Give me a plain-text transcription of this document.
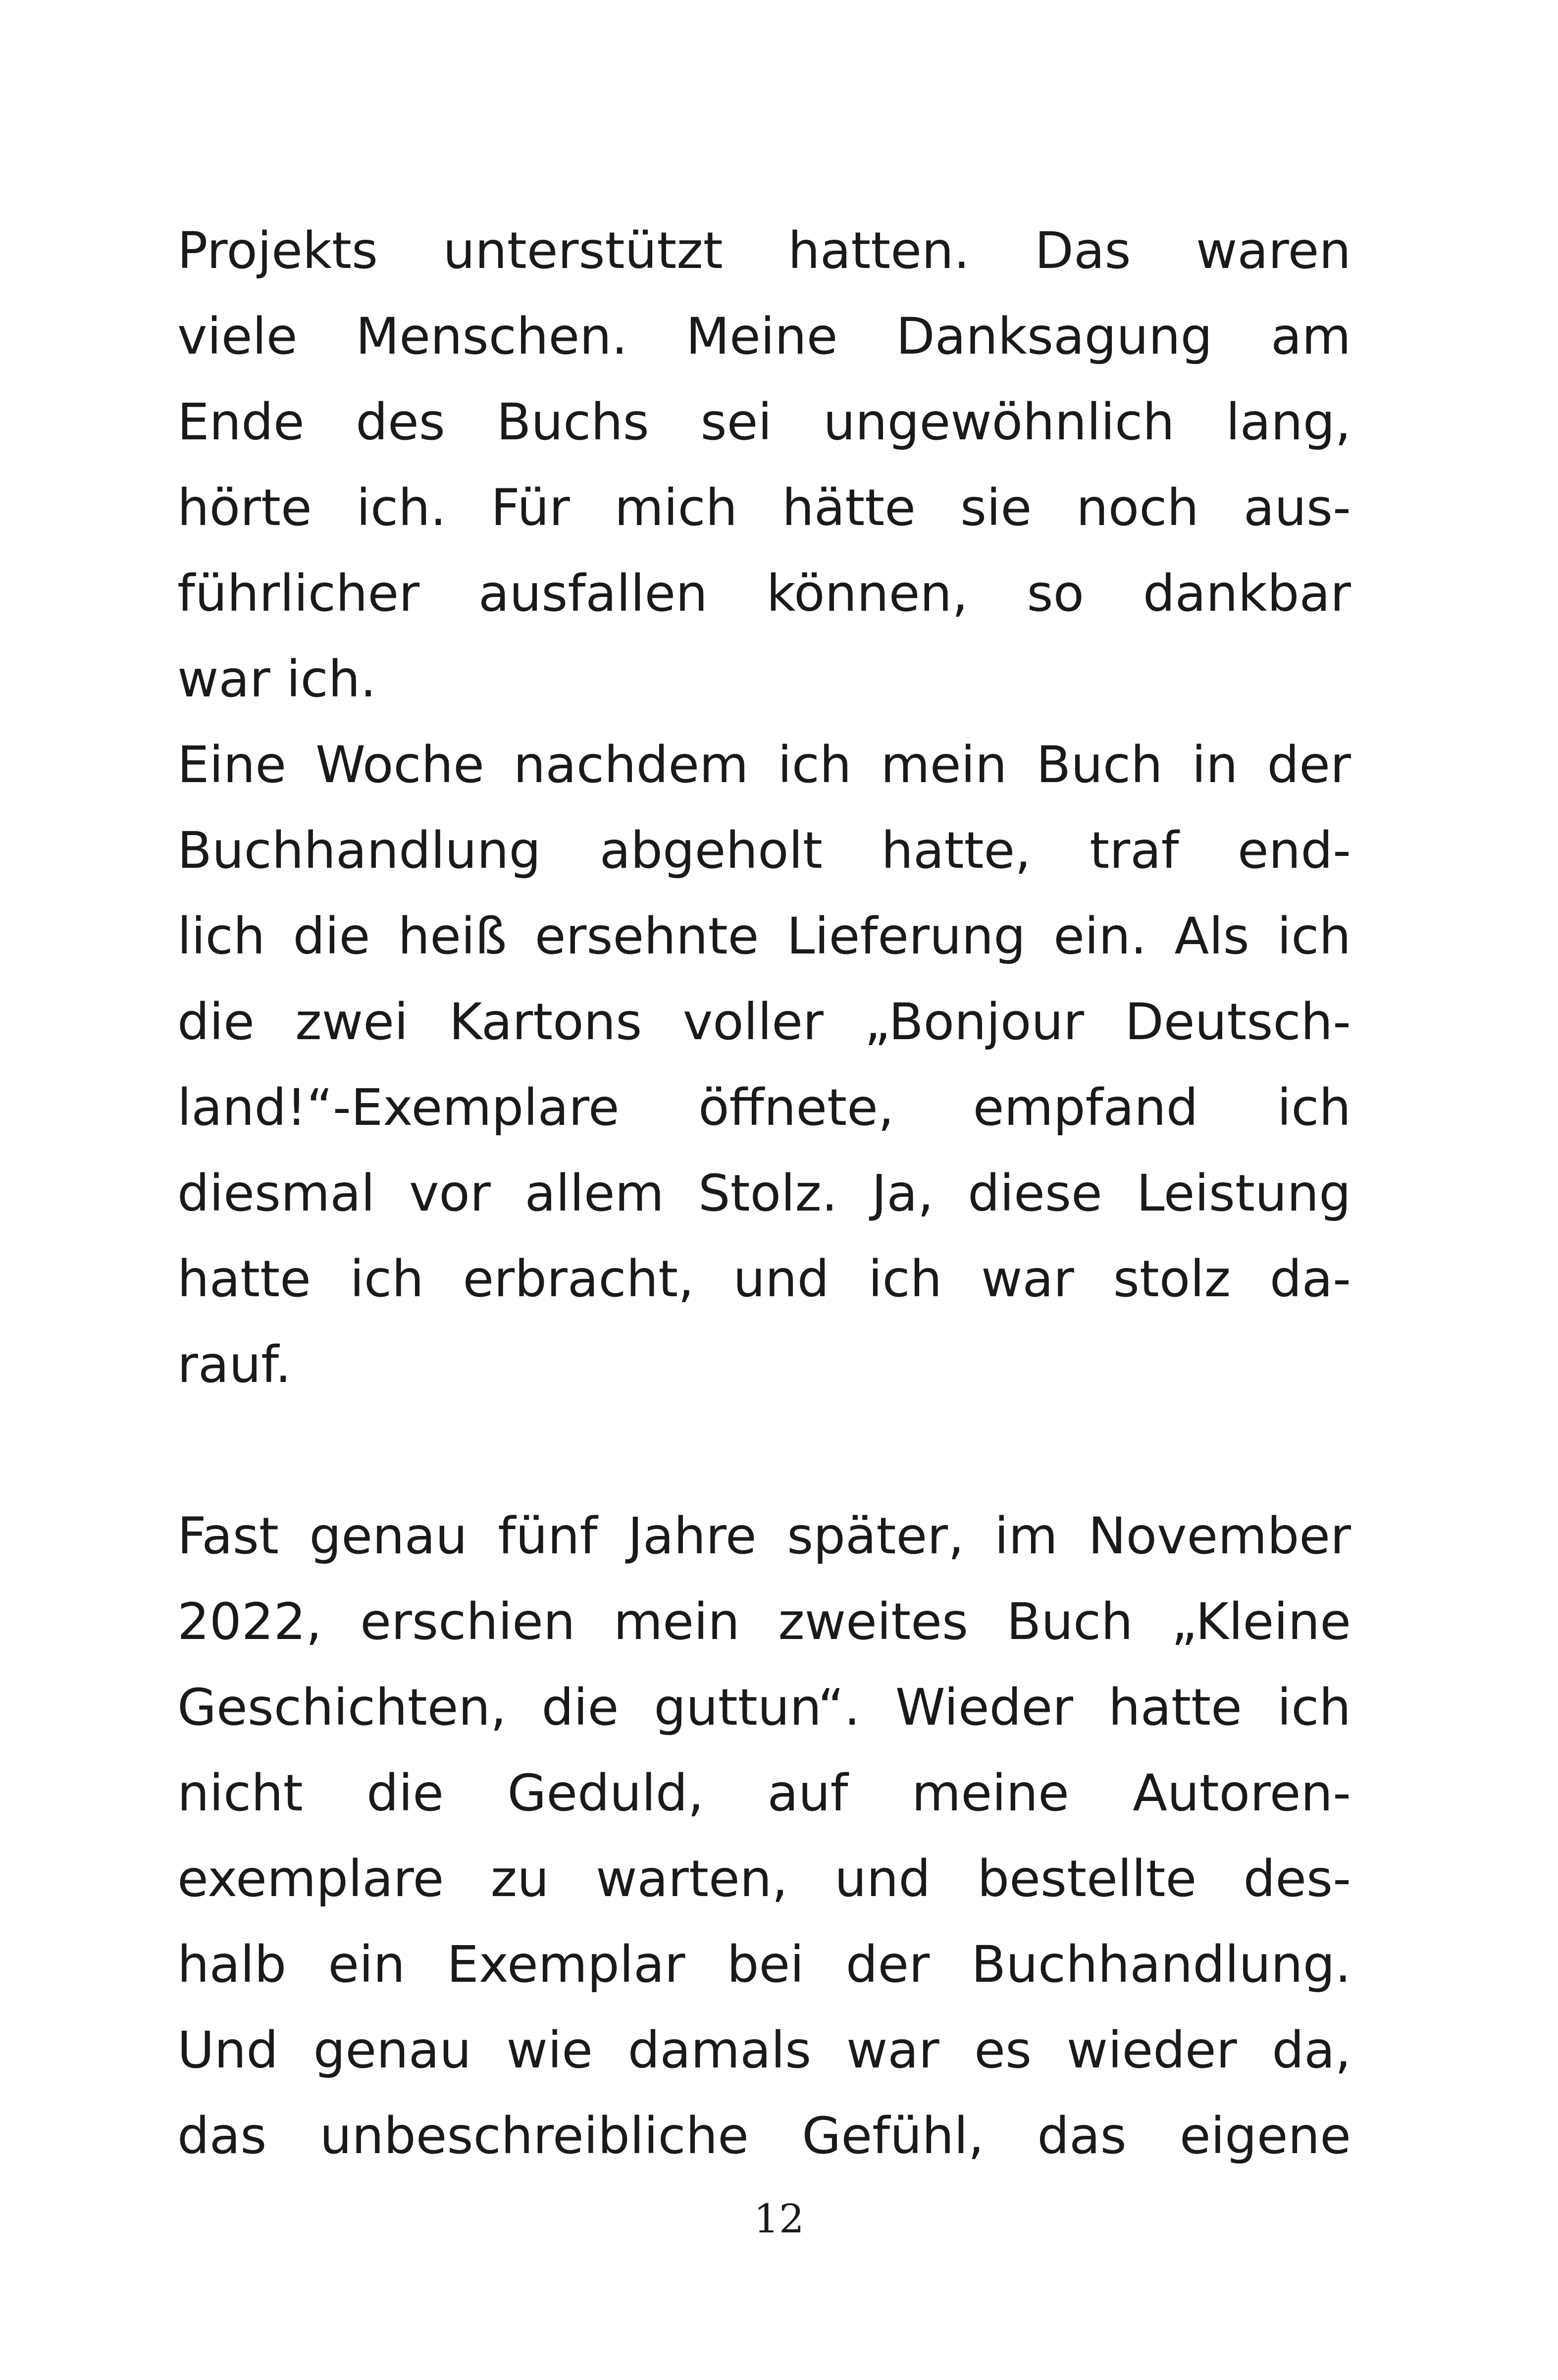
Projekts unterstützt hatten. Das waren

viele Menschen. Meine Danksagung am

Ende des Buchs sei ungewöhnlich lang,

hörte ich. Für mich hätte sie noch aus-

führlicher ausfallen können, so dankbar

war ich.

Eine Woche nachdem ich mein Buch in der

Buchhandlung abgeholt hatte, traf end-

lich die heiß ersehnte Lieferung ein. Als ich

die zwei Kartons voller „Bonjour Deutsch-

land!“-Exemplare öffnete, empfand ich

diesmal vor allem Stolz. Ja, diese Leistung

hatte ich erbracht, und ich war stolz da-

rauf.

Fast genau fünf Jahre später, im November

2022, erschien mein zweites Buch „Kleine

Geschichten, die guttun“. Wieder hatte ich

nicht die Geduld, auf meine Autoren-

exemplare zu warten, und bestellte des-

halb ein Exemplar bei der Buchhandlung.

Und genau wie damals war es wieder da,

das unbeschreibliche Gefühl, das eigene

12
